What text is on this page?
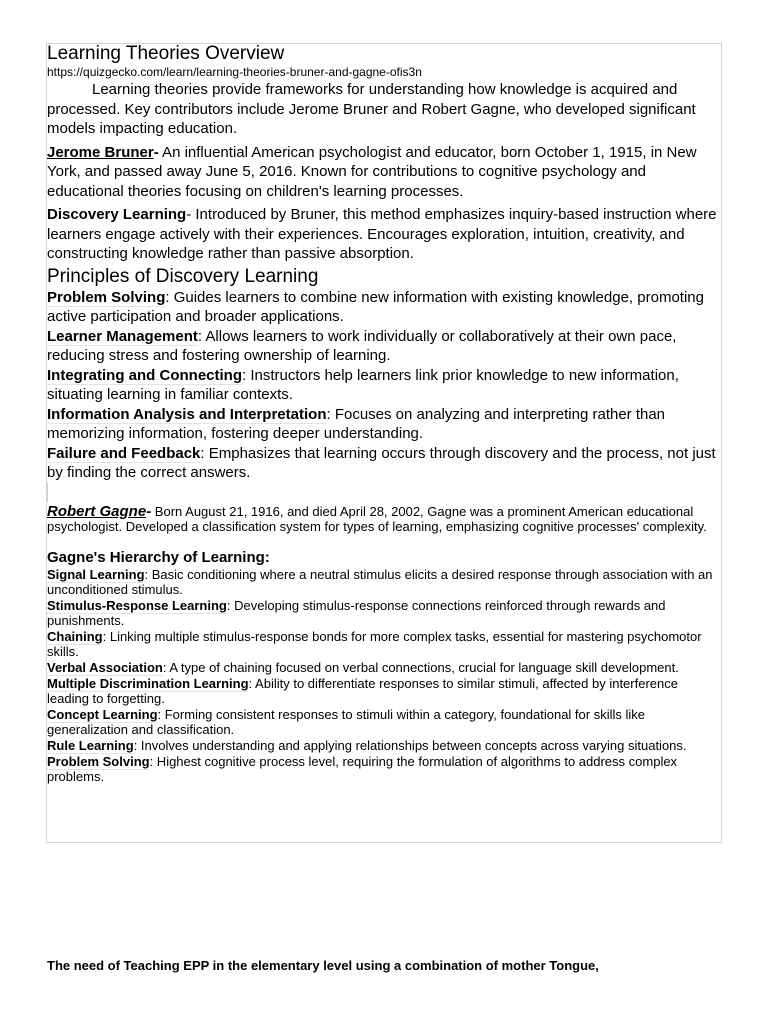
Learning Theories Overview

https://quizgecko.com/learn/learning-theories-bruner-and-gagne-ofis3n

Learning theories provide frameworks for understanding how knowledge is acquired and processed. Key contributors include Jerome Bruner and Robert Gagne, who developed significant models impacting education.

Jerome Bruner- An influential American psychologist and educator, born October 1, 1915, in New York, and passed away June 5, 2016. Known for contributions to cognitive psychology and educational theories focusing on children's learning processes.

Discovery Learning- Introduced by Bruner, this method emphasizes inquiry-based instruction where learners engage actively with their experiences. Encourages exploration, intuition, creativity, and constructing knowledge rather than passive absorption.

Principles of Discovery Learning

Problem Solving: Guides learners to combine new information with existing knowledge, promoting active participation and broader applications.

Learner Management: Allows learners to work individually or collaboratively at their own pace, reducing stress and fostering ownership of learning.

Integrating and Connecting: Instructors help learners link prior knowledge to new information, situating learning in familiar contexts.

Information Analysis and Interpretation: Focuses on analyzing and interpreting rather than memorizing information, fostering deeper understanding.

Failure and Feedback: Emphasizes that learning occurs through discovery and the process, not just by finding the correct answers.

Robert Gagne- Born August 21, 1916, and died April 28, 2002, Gagne was a prominent American educational psychologist. Developed a classification system for types of learning, emphasizing cognitive processes' complexity.

Gagne's Hierarchy of Learning:

Signal Learning: Basic conditioning where a neutral stimulus elicits a desired response through association with an unconditioned stimulus.

Stimulus-Response Learning: Developing stimulus-response connections reinforced through rewards and punishments.

Chaining: Linking multiple stimulus-response bonds for more complex tasks, essential for mastering psychomotor skills.

Verbal Association: A type of chaining focused on verbal connections, crucial for language skill development.

Multiple Discrimination Learning: Ability to differentiate responses to similar stimuli, affected by interference leading to forgetting.

Concept Learning: Forming consistent responses to stimuli within a category, foundational for skills like generalization and classification.

Rule Learning: Involves understanding and applying relationships between concepts across varying situations.

Problem Solving: Highest cognitive process level, requiring the formulation of algorithms to address complex problems.

The need of Teaching EPP in the elementary level using a combination of mother Tongue,
